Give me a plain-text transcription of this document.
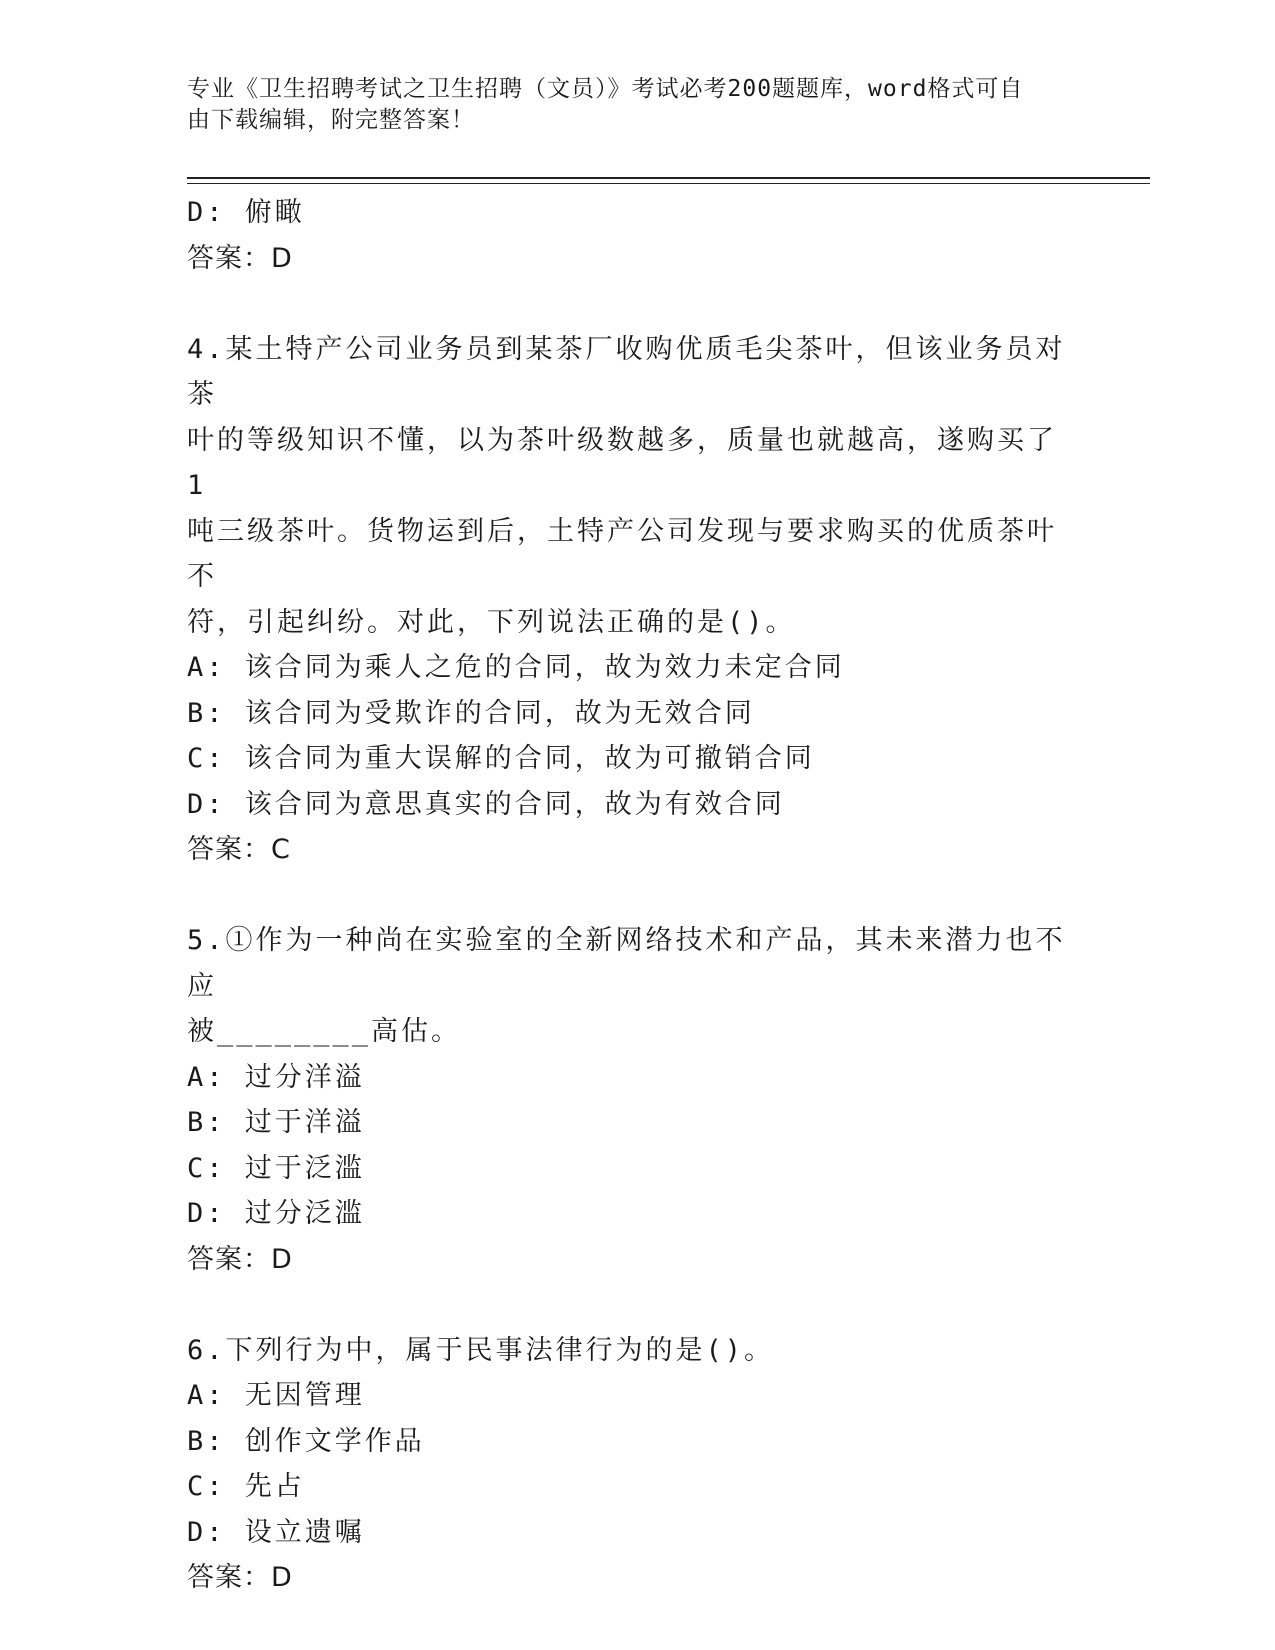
专业《卫生招聘考试之卫生招聘（文员）》考试必考200题题库，word格式可自
由下载编辑，附完整答案！
D: 俯瞰
答案：D
4.某土特产公司业务员到某茶厂收购优质毛尖茶叶，但该业务员对茶
叶的等级知识不懂，以为茶叶级数越多，质量也就越高，遂购买了1
吨三级茶叶。货物运到后，土特产公司发现与要求购买的优质茶叶不
符，引起纠纷。对此，下列说法正确的是()。
A: 该合同为乘人之危的合同，故为效力未定合同
B: 该合同为受欺诈的合同，故为无效合同
C: 该合同为重大误解的合同，故为可撤销合同
D: 该合同为意思真实的合同，故为有效合同
答案：C
5.①作为一种尚在实验室的全新网络技术和产品，其未来潜力也不应
被________高估。
A: 过分洋溢
B: 过于洋溢
C: 过于泛滥
D: 过分泛滥
答案：D
6.下列行为中，属于民事法律行为的是()。
A: 无因管理
B: 创作文学作品
C: 先占
D: 设立遗嘱
答案：D
